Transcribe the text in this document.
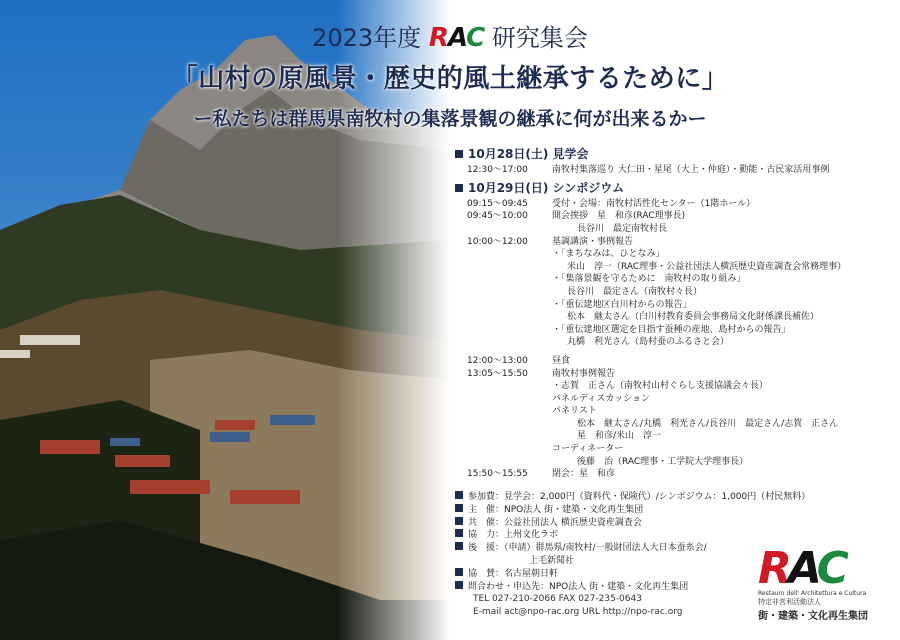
2023年度 RAC 研究集会
「山村の原風景・歴史的風土継承するために」
ー私たちは群馬県南牧村の集落景観の継承に何が出来るかー
10月28日(土) 見学会
12:30～17:00	南牧村集落巡り 大仁田・星尾（大上・仲庭）・動能・古民家活用事例
10月29日(日) シンポジウム
09:15～09:45	受付・会場：南牧村活性化センター（1階ホール）
09:45～10:00	開会挨拶　星　和彦(RAC理事長)
長谷川　最定南牧村長
10:00～12:00	基調講演・事例報告
・「まちなみは、ひとなみ」
米山　淳一（RAC理事・公益社団法人横浜歴史資産調査会常務理事）
・「集落景観を守るために　南牧村の取り組み」
長谷川　最定さん（南牧村々長）
・「重伝建地区白川村からの報告」
松本　継太さん（白川村教育委員会事務局文化財係課長補佐）
・「重伝建地区選定を目指す蚕種の産地、島村からの報告」
丸橋　利光さん（島村蚕のふるさと会）
12:00～13:00	昼食
13:05～15:50	南牧村事例報告
・志賀　正さん（南牧村山村ぐらし支援協議会々長）
パネルディスカッション
パネリスト
松本　継太さん/丸橋　利光さん/長谷川　最定さん/志賀　正さん
星　和彦/米山　淳一
コーディネーター
後藤　治（RAC理事・工学院大学理事長）
15:50～15:55	閉会：星　和彦
参加費：見学会：2,000円（資料代・保険代）/シンポジウム：1,000円（村民無料）
主　催：NPO法人 街・建築・文化再生集団
共　催：公益社団法人 横浜歴史資産調査会
協　力：上州文化ラボ
後　援：（申請）群馬県/南牧村/一般財団法人大日本蚕糸会/
上毛新聞社
協　賛：名古屋朝日軒
問合わせ・申込先：NPO法人 街・建築・文化再生集団
TEL 027-210-2066 FAX 027-235-0643
E-mail act@npo-rac.org URL http://npo-rac.org
RAC
Restauro dell' Architettura e Cultura
特定非営利活動法人
街・建築・文化再生集団
